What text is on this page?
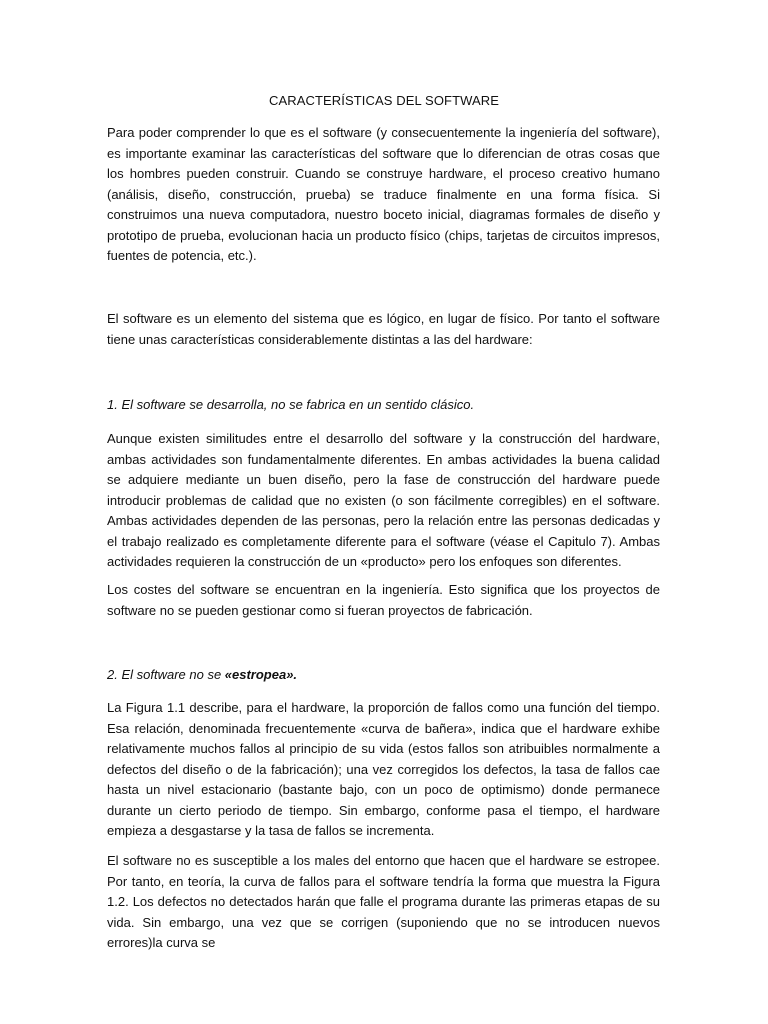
CARACTERÍSTICAS DEL SOFTWARE

Para poder comprender lo que es el software (y consecuentemente la ingeniería del software), es importante examinar las características del software que lo diferencian de otras cosas que los hombres pueden construir. Cuando se construye hardware, el proceso creativo humano (análisis, diseño, construcción, prueba) se traduce finalmente en una forma física. Si construimos una nueva computadora, nuestro boceto inicial, diagramas formales de diseño y prototipo de prueba, evolucionan hacia un producto físico (chips, tarjetas de circuitos impresos, fuentes de potencia, etc.).

El software es un elemento del sistema que es lógico, en lugar de físico. Por tanto el software tiene unas características considerablemente distintas a las del hardware:

1. El software se desarrolla, no se fabrica en un sentido clásico.

Aunque existen similitudes entre el desarrollo del software y la construcción del hardware, ambas actividades son fundamentalmente diferentes. En ambas actividades la buena calidad se adquiere mediante un buen diseño, pero la fase de construcción del hardware puede introducir problemas de calidad que no existen (o son fácilmente corregibles) en el software. Ambas actividades dependen de las personas, pero la relación entre las personas dedicadas y el trabajo realizado es completamente diferente para el software (véase el Capitulo 7). Ambas actividades requieren la construcción de un «producto» pero los enfoques son diferentes.

Los costes del software se encuentran en la ingeniería. Esto significa que los proyectos de software no se pueden gestionar como si fueran proyectos de fabricación.

2. El software no se «estropea».

La Figura 1.1 describe, para el hardware, la proporción de fallos como una función del tiempo. Esa relación, denominada frecuentemente «curva de bañera», indica que el hardware exhibe relativamente muchos fallos al principio de su vida (estos fallos son atribuibles normalmente a defectos del diseño o de la fabricación); una vez corregidos los defectos, la tasa de fallos cae hasta un nivel estacionario (bastante bajo, con un poco de optimismo) donde permanece durante un cierto periodo de tiempo. Sin embargo, conforme pasa el tiempo, el hardware empieza a desgastarse y la tasa de fallos se incrementa.

El software no es susceptible a los males del entorno que hacen que el hardware se estropee. Por tanto, en teoría, la curva de fallos para el software tendría la forma que muestra la Figura 1.2. Los defectos no detectados harán que falle el programa durante las primeras etapas de su vida. Sin embargo, una vez que se corrigen (suponiendo que no se introducen nuevos errores)la curva se
